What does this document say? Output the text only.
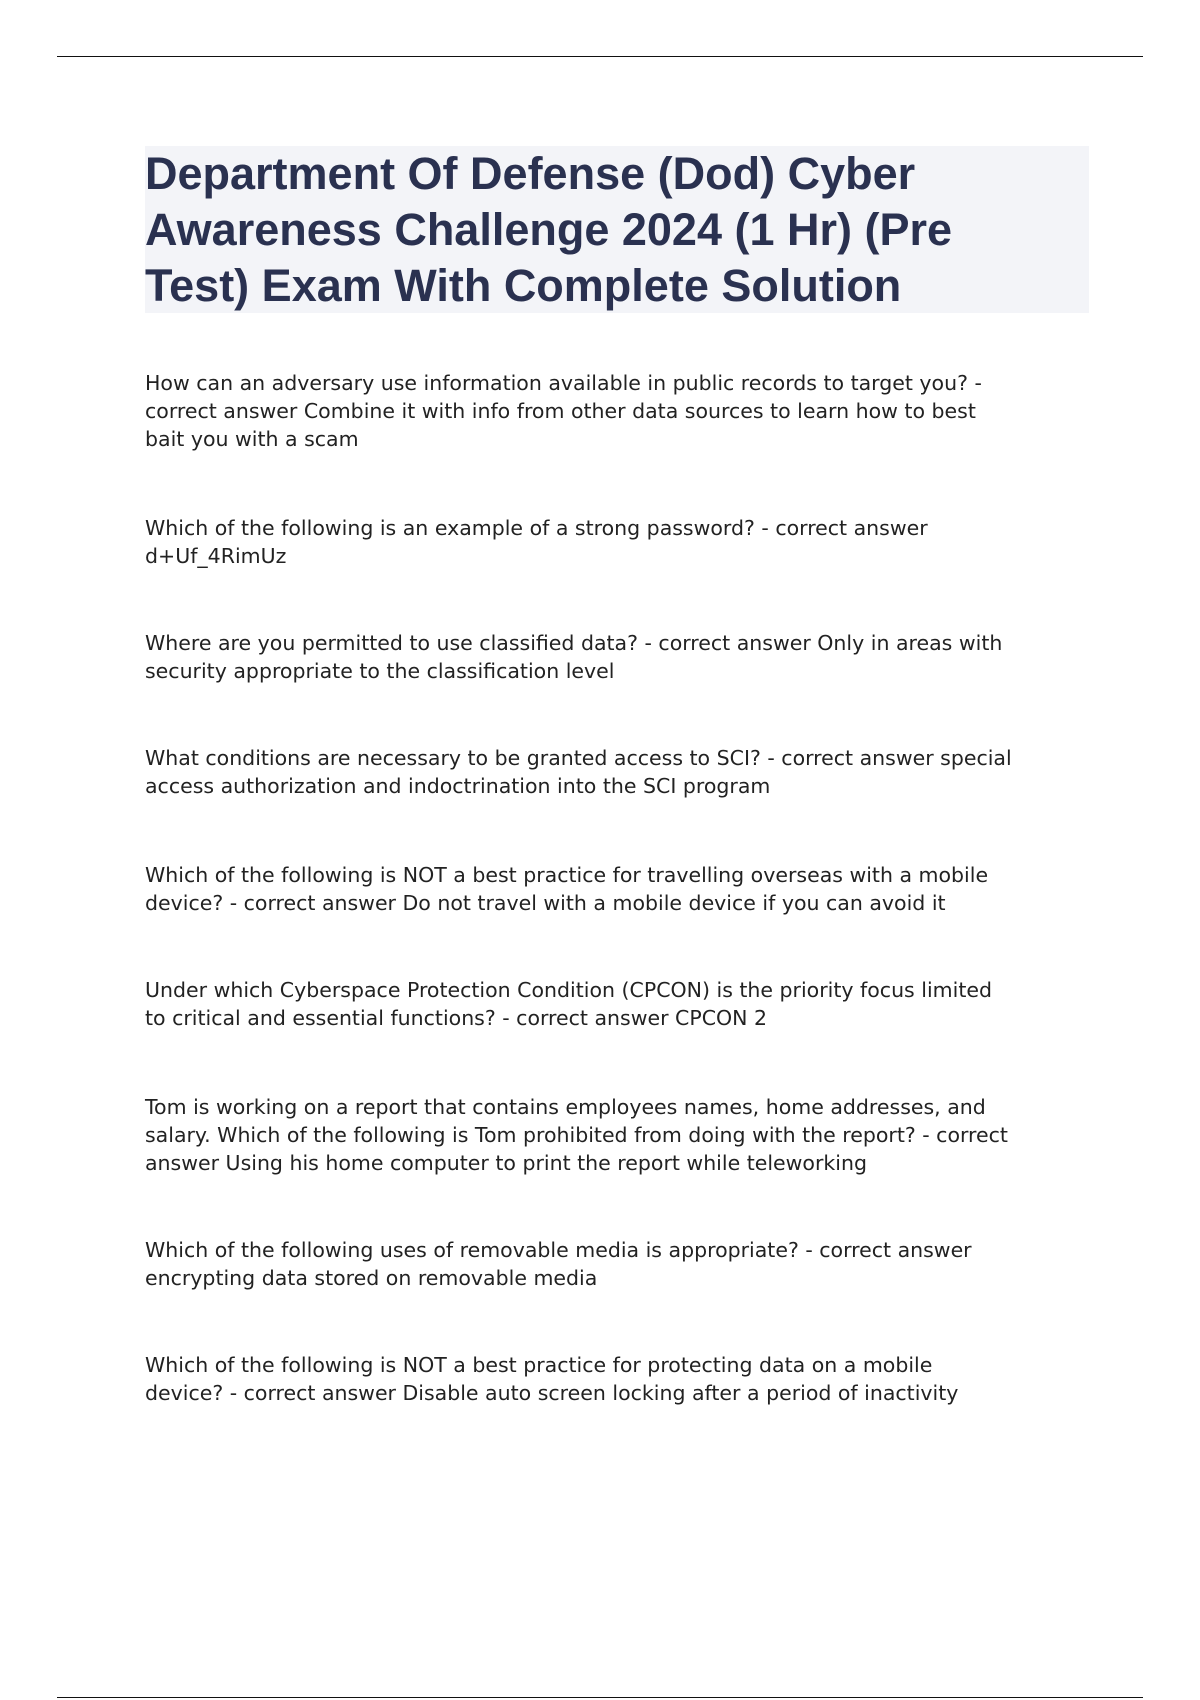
Department Of Defense (Dod) Cyber
Awareness Challenge 2024 (1 Hr) (Pre
Test) Exam With Complete Solution

How can an adversary use information available in public records to target you? -
correct answer Combine it with info from other data sources to learn how to best
bait you with a scam

Which of the following is an example of a strong password? - correct answer
d+Uf_4RimUz

Where are you permitted to use classified data? - correct answer Only in areas with
security appropriate to the classification level

What conditions are necessary to be granted access to SCI? - correct answer special
access authorization and indoctrination into the SCI program

Which of the following is NOT a best practice for travelling overseas with a mobile
device? - correct answer Do not travel with a mobile device if you can avoid it

Under which Cyberspace Protection Condition (CPCON) is the priority focus limited
to critical and essential functions? - correct answer CPCON 2

Tom is working on a report that contains employees names, home addresses, and
salary. Which of the following is Tom prohibited from doing with the report? - correct
answer Using his home computer to print the report while teleworking

Which of the following uses of removable media is appropriate? - correct answer
encrypting data stored on removable media

Which of the following is NOT a best practice for protecting data on a mobile
device? - correct answer Disable auto screen locking after a period of inactivity
